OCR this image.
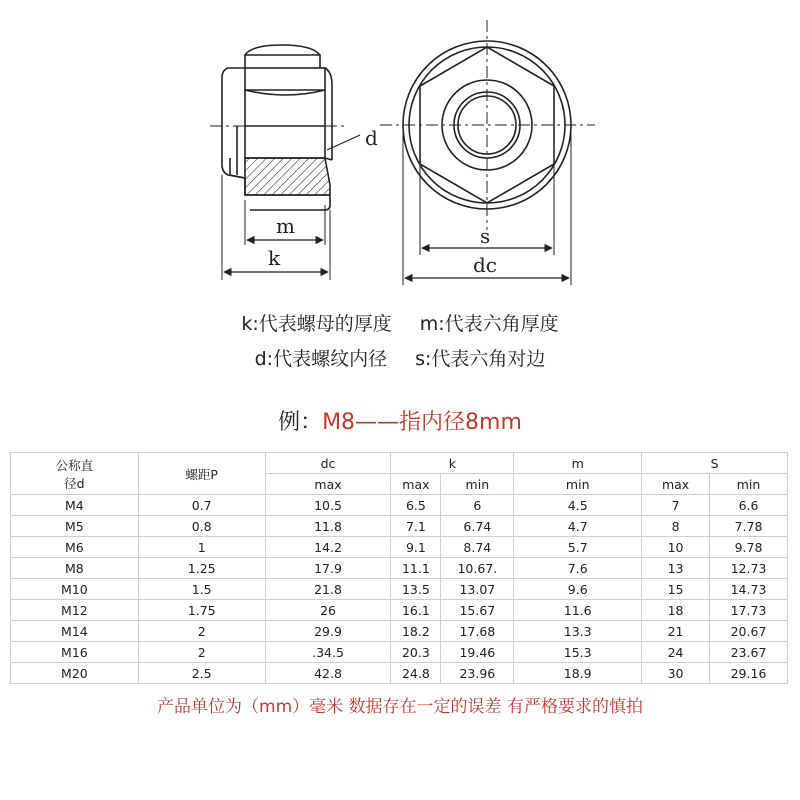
d
m
k
s
dc
k:代表螺母的厚度 m:代表六角厚度
d:代表螺纹内径 s:代表六角对边
例：M8——指内径8mm
公称直
径d	螺距P	dc	k		m	S	
		max	max	min	min	max	min
M4	0.7	10.5	6.5	6	4.5	7	6.6
M5	0.8	11.8	7.1	6.74	4.7	8	7.78
M6	1	14.2	9.1	8.74	5.7	10	9.78
M8	1.25	17.9	11.1	10.67.	7.6	13	12.73
M10	1.5	21.8	13.5	13.07	9.6	15	14.73
M12	1.75	26	16.1	15.67	11.6	18	17.73
M14	2	29.9	18.2	17.68	13.3	21	20.67
M16	2	.34.5	20.3	19.46	15.3	24	23.67
M20	2.5	42.8	24.8	23.96	18.9	30	29.16
产品单位为（mm）毫米 数据存在一定的误差 有严格要求的慎拍
